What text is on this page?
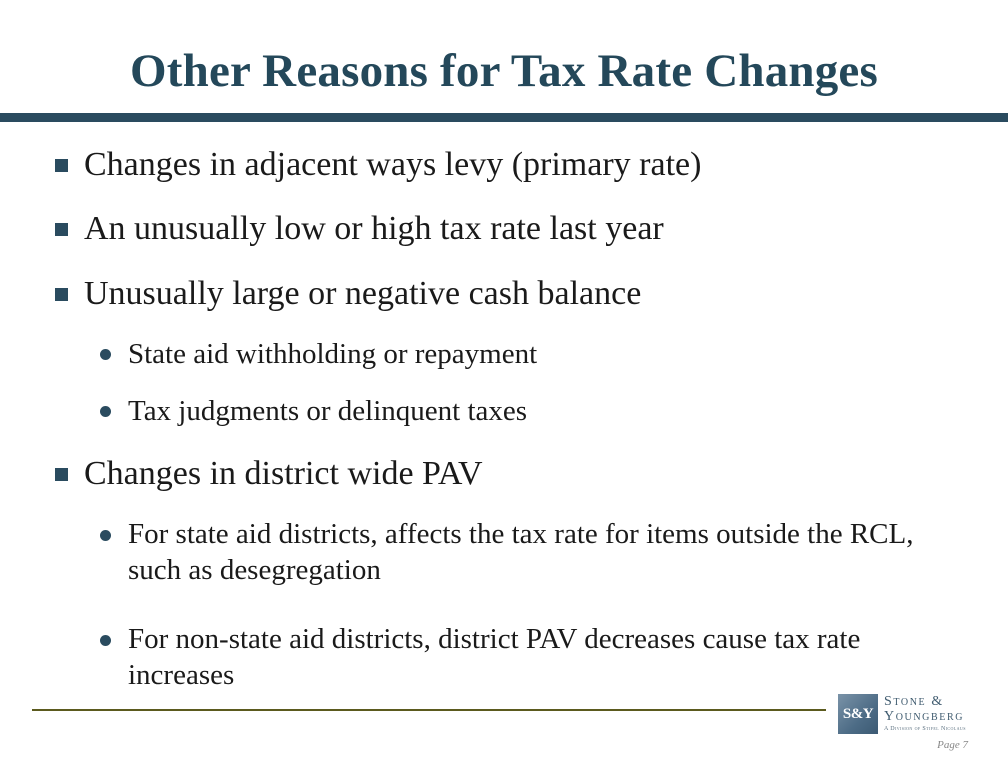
Other Reasons for Tax Rate Changes
Changes in adjacent ways levy (primary rate)
An unusually low or high tax rate last year
Unusually large or negative cash balance
State aid withholding or repayment
Tax judgments or delinquent taxes
Changes in district wide PAV
For state aid districts, affects the tax rate for items outside the RCL, such as desegregation
For non-state aid districts, district PAV decreases cause tax rate increases
S&Y
Stone &
Youngberg
A Division of Stifel Nicolaus
Page 7
